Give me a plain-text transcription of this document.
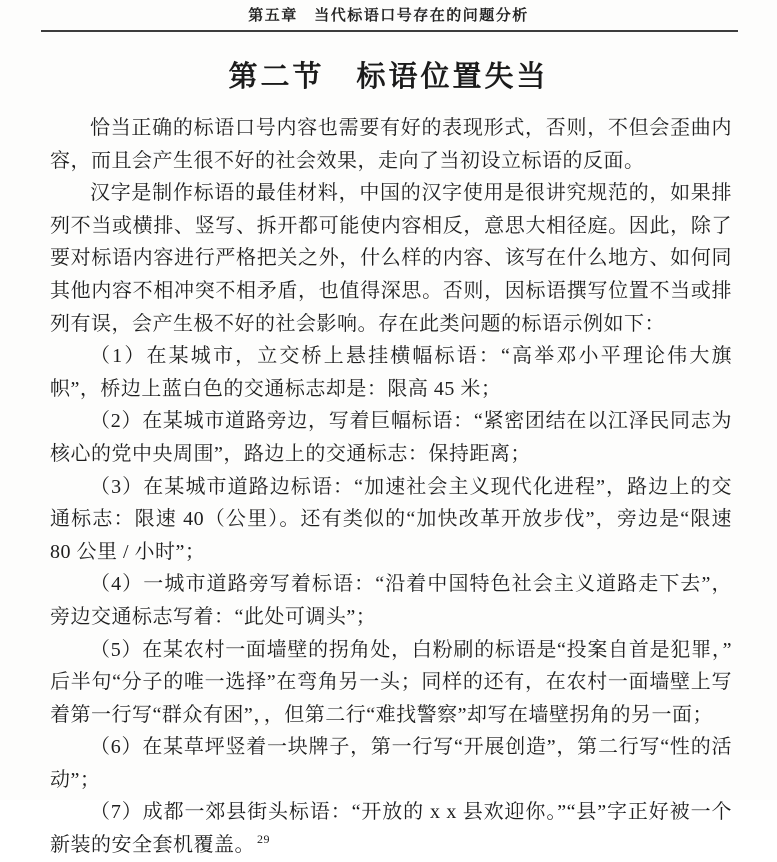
第五章　当代标语口号存在的问题分析
第二节　标语位置失当

恰当正确的标语口号内容也需要有好的表现形式，否则，不但会歪曲内容，而且会产生很不好的社会效果，走向了当初设立标语的反面。

汉字是制作标语的最佳材料，中国的汉字使用是很讲究规范的，如果排列不当或横排、竖写、拆开都可能使内容相反，意思大相径庭。因此，除了要对标语内容进行严格把关之外，什么样的内容、该写在什么地方、如何同其他内容不相冲突不相矛盾，也值得深思。否则，因标语撰写位置不当或排列有误，会产生极不好的社会影响。存在此类问题的标语示例如下：

（1）在某城市，立交桥上悬挂横幅标语：“高举邓小平理论伟大旗帜”，桥边上蓝白色的交通标志却是：限高 45 米；

（2）在某城市道路旁边，写着巨幅标语：“紧密团结在以江泽民同志为核心的党中央周围”，路边上的交通标志：保持距离；

（3）在某城市道路边标语：“加速社会主义现代化进程”，路边上的交通标志：限速 40（公里）。还有类似的“加快改革开放步伐”，旁边是“限速 80 公里 / 小时”；

（4）一城市道路旁写着标语：“沿着中国特色社会主义道路走下去”，旁边交通标志写着：“此处可调头”；

（5）在某农村一面墙壁的拐角处，白粉刷的标语是“投案自首是犯罪，”后半句“分子的唯一选择”在弯角另一头；同样的还有，在农村一面墙壁上写着第一行写“群众有困”，，但第二行“难找警察”却写在墙壁拐角的另一面；

（6）在某草坪竖着一块牌子，第一行写“开展创造”，第二行写“性的活动”；

（7）成都一郊县街头标语：“开放的 x x 县欢迎你。”“县”字正好被一个新装的安全套机覆盖。 $^{29}$
